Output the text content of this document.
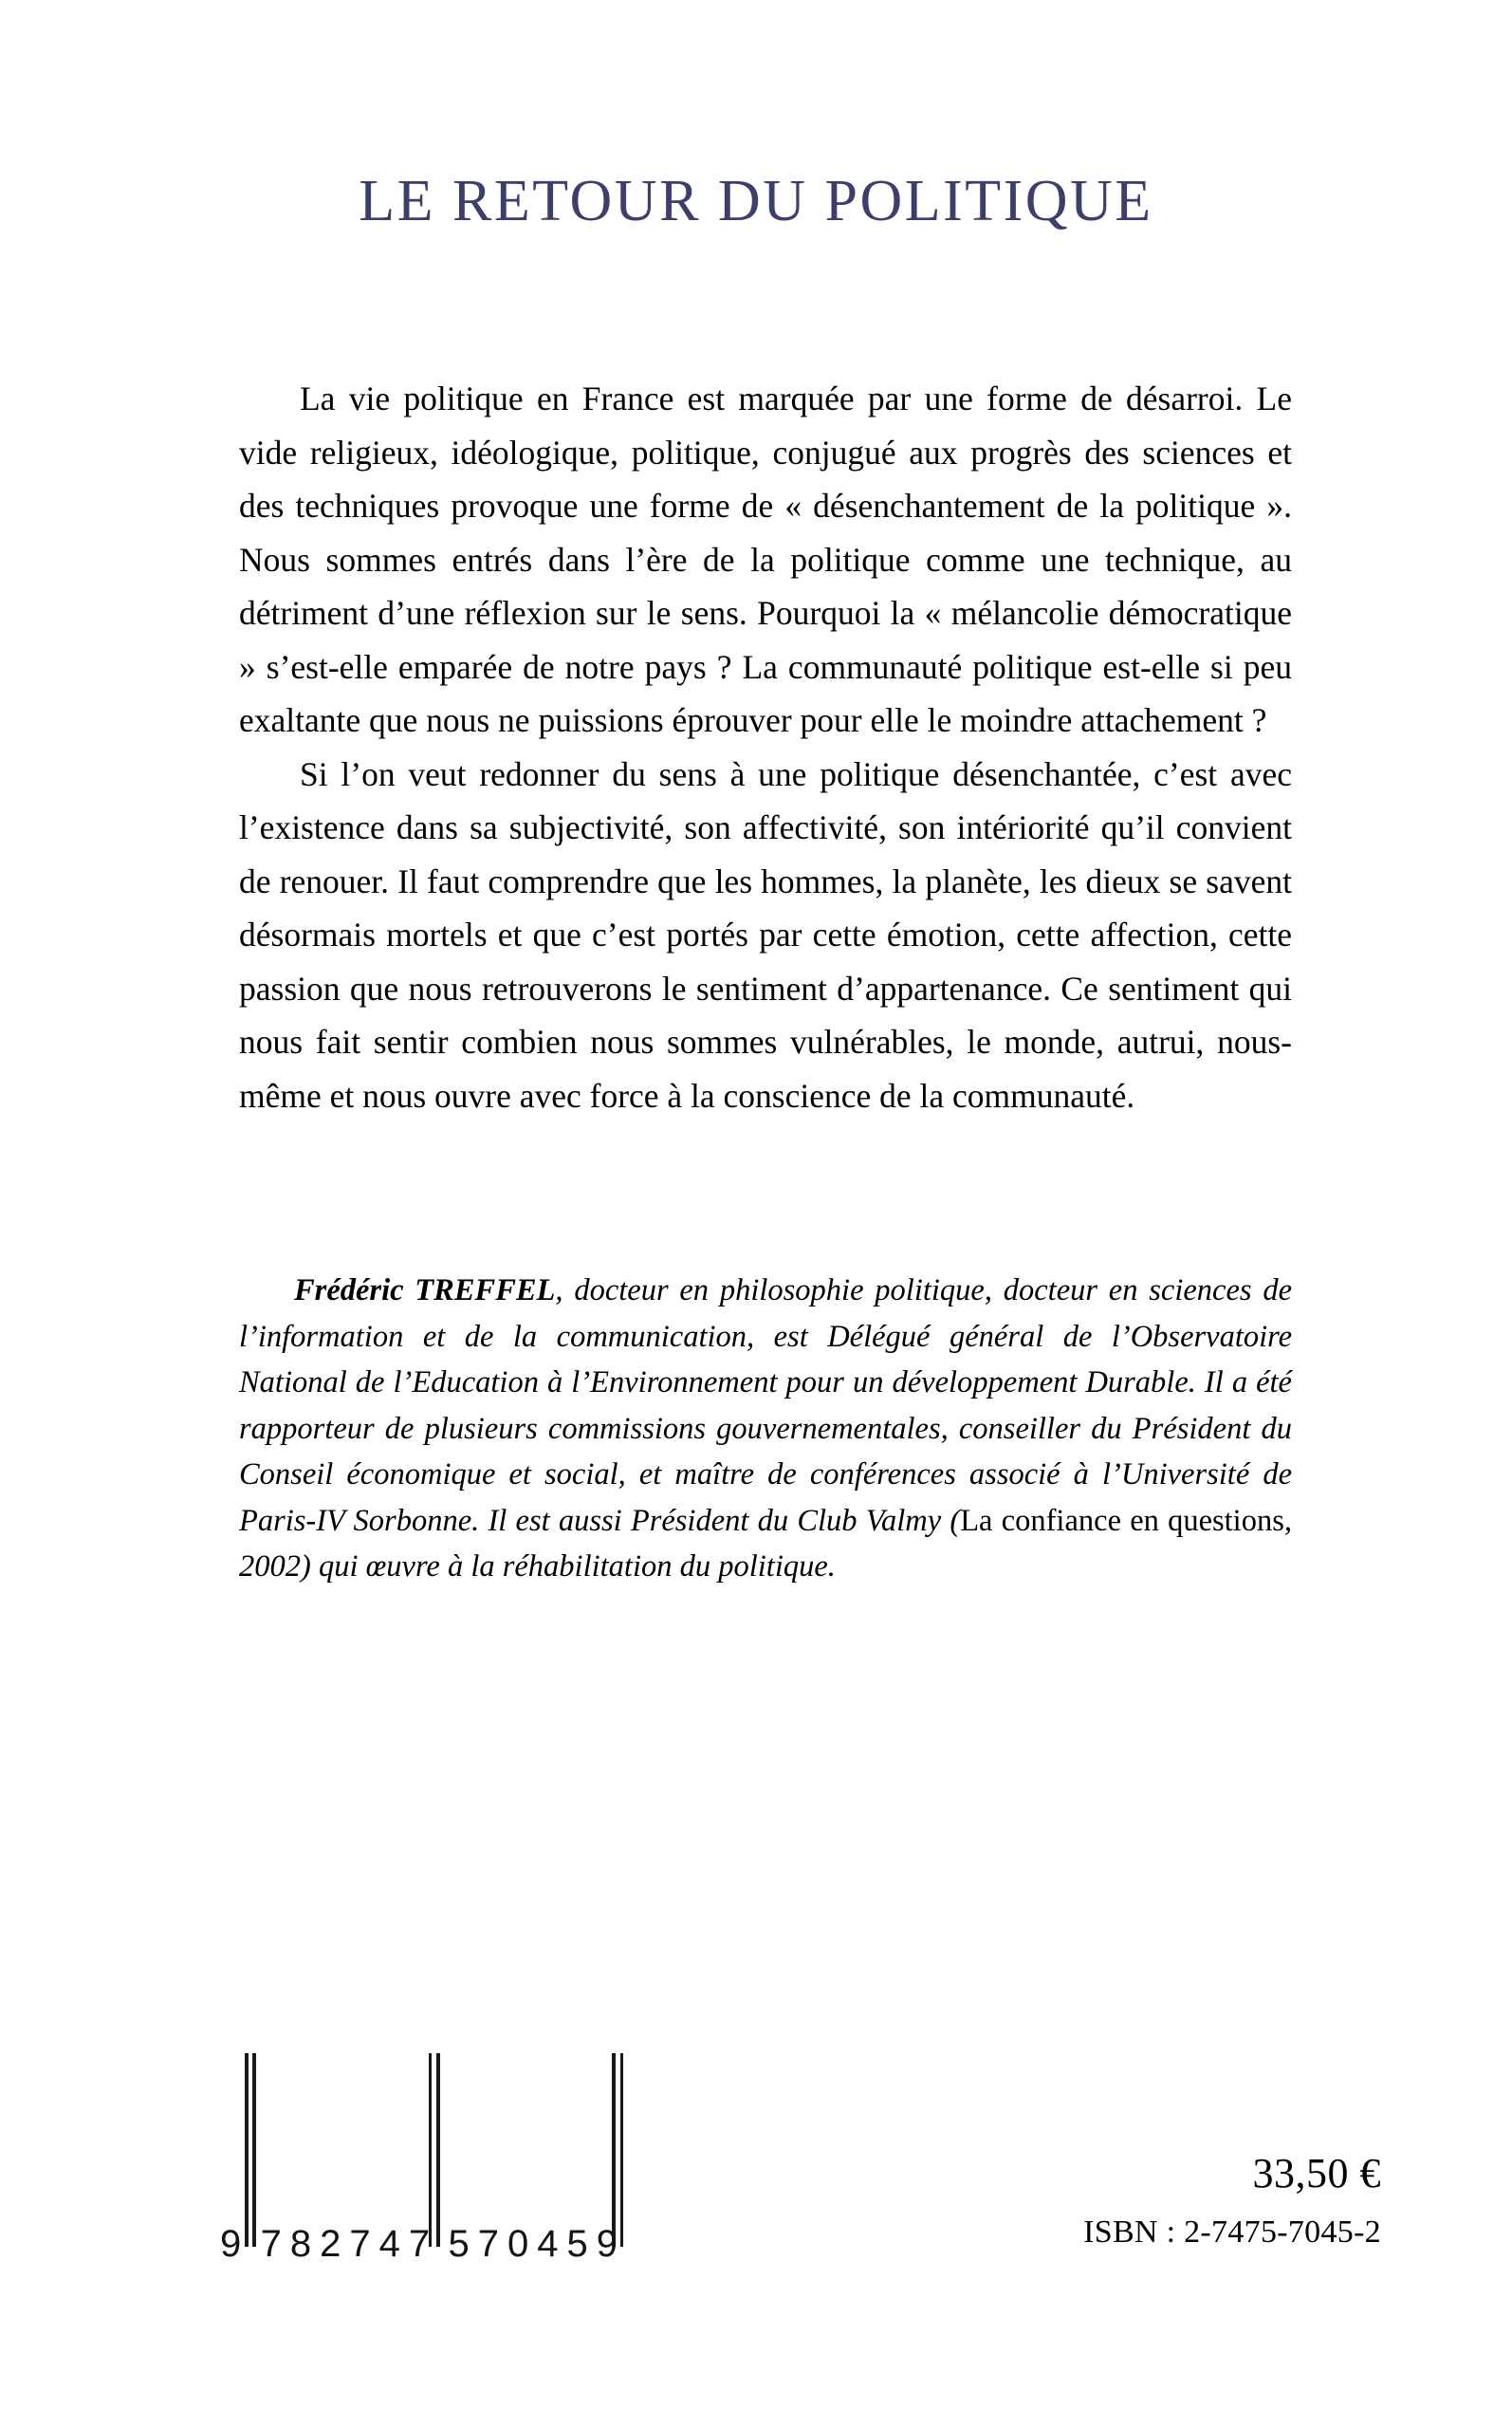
LE RETOUR DU POLITIQUE

La vie politique en France est marquée par une forme de désarroi. Le vide religieux, idéologique, politique, conjugué aux progrès des sciences et des techniques provoque une forme de « désenchantement de la politique ». Nous sommes entrés dans l’ère de la politique comme une technique, au détriment d’une réflexion sur le sens. Pourquoi la « mélancolie démocratique » s’est-elle emparée de notre pays ? La communauté politique est-elle si peu exaltante que nous ne puissions éprouver pour elle le moindre attachement ?

Si l’on veut redonner du sens à une politique désenchantée, c’est avec l’existence dans sa subjectivité, son affectivité, son intériorité qu’il convient de renouer. Il faut comprendre que les hommes, la planète, les dieux se savent désormais mortels et que c’est portés par cette émotion, cette affection, cette passion que nous retrouverons le sentiment d’appartenance. Ce sentiment qui nous fait sentir combien nous sommes vulnérables, le monde, autrui, nous-même et nous ouvre avec force à la conscience de la communauté.

Frédéric TREFFEL, docteur en philosophie politique, docteur en sciences de l’information et de la communication, est Délégué général de l’Observatoire National de l’Education à l’Environnement pour un développement Durable. Il a été rapporteur de plusieurs commissions gouvernementales, conseiller du Président du Conseil économique et social, et maître de conférences associé à l’Université de Paris-IV Sorbonne. Il est aussi Président du Club Valmy (La confiance en questions, 2002) qui œuvre à la réhabilitation du politique.

9 782747 570459
33,50 €
ISBN : 2-7475-7045-2
